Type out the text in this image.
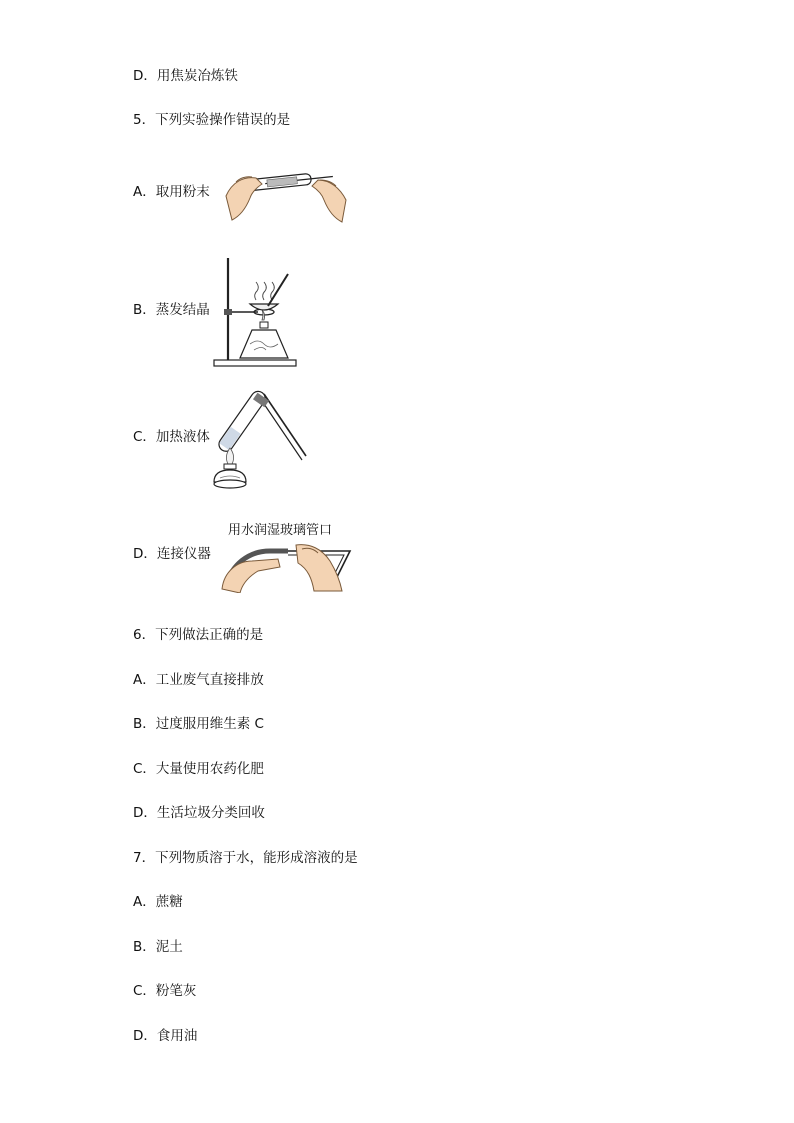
D．用焦炭冶炼铁
5．下列实验操作错误的是
A．取用粉末
B．蒸发结晶
C．加热液体
用水润湿玻璃管口
D．连接仪器
6．下列做法正确的是
A．工业废气直接排放
B．过度服用维生素 C
C．大量使用农药化肥
D．生活垃圾分类回收
7．下列物质溶于水，能形成溶液的是
A．蔗糖
B．泥土
C．粉笔灰
D．食用油
